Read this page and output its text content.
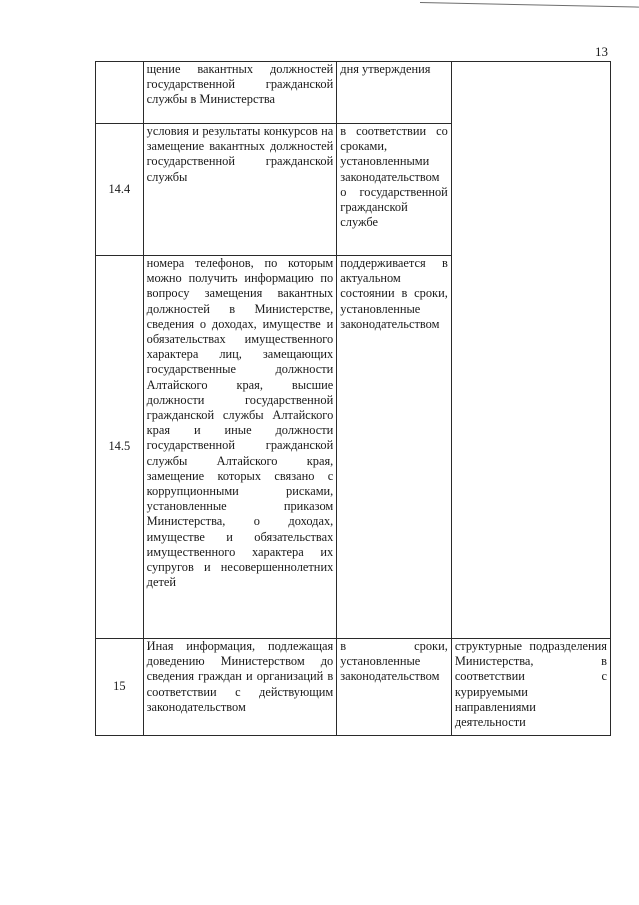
13
	щение вакантных должностей государственной гражданской службы в Министерства	дня утверждения	
14.4	условия и результаты конкурсов на замещение вакантных должностей государственной гражданской службы	в соответствии со сроками, установленными законодательством о государственной гражданской службе	
14.5	номера телефонов, по которым можно получить информацию по вопросу замещения вакантных должностей в Министерстве, сведения о доходах, имуществе и обязательствах имущественного характера лиц, замещающих государственные должности Алтайского края, высшие должности государственной гражданской службы Алтайского края и иные должности государственной гражданской службы Алтайского края, замещение которых связано с коррупционными рисками, установленные приказом Министерства, о доходах, имуществе и обязательствах имущественного характера их супругов и несовершеннолетних детей	поддерживается в актуальном состоянии в сроки, установленные законодательством	
15	Иная информация, подлежащая доведению Министерством до сведения граждан и организаций в соответствии с действующим законодательством	в сроки, установленные законодательством	структурные подразделения Министерства, в соответствии с курируемыми направлениями деятельности
